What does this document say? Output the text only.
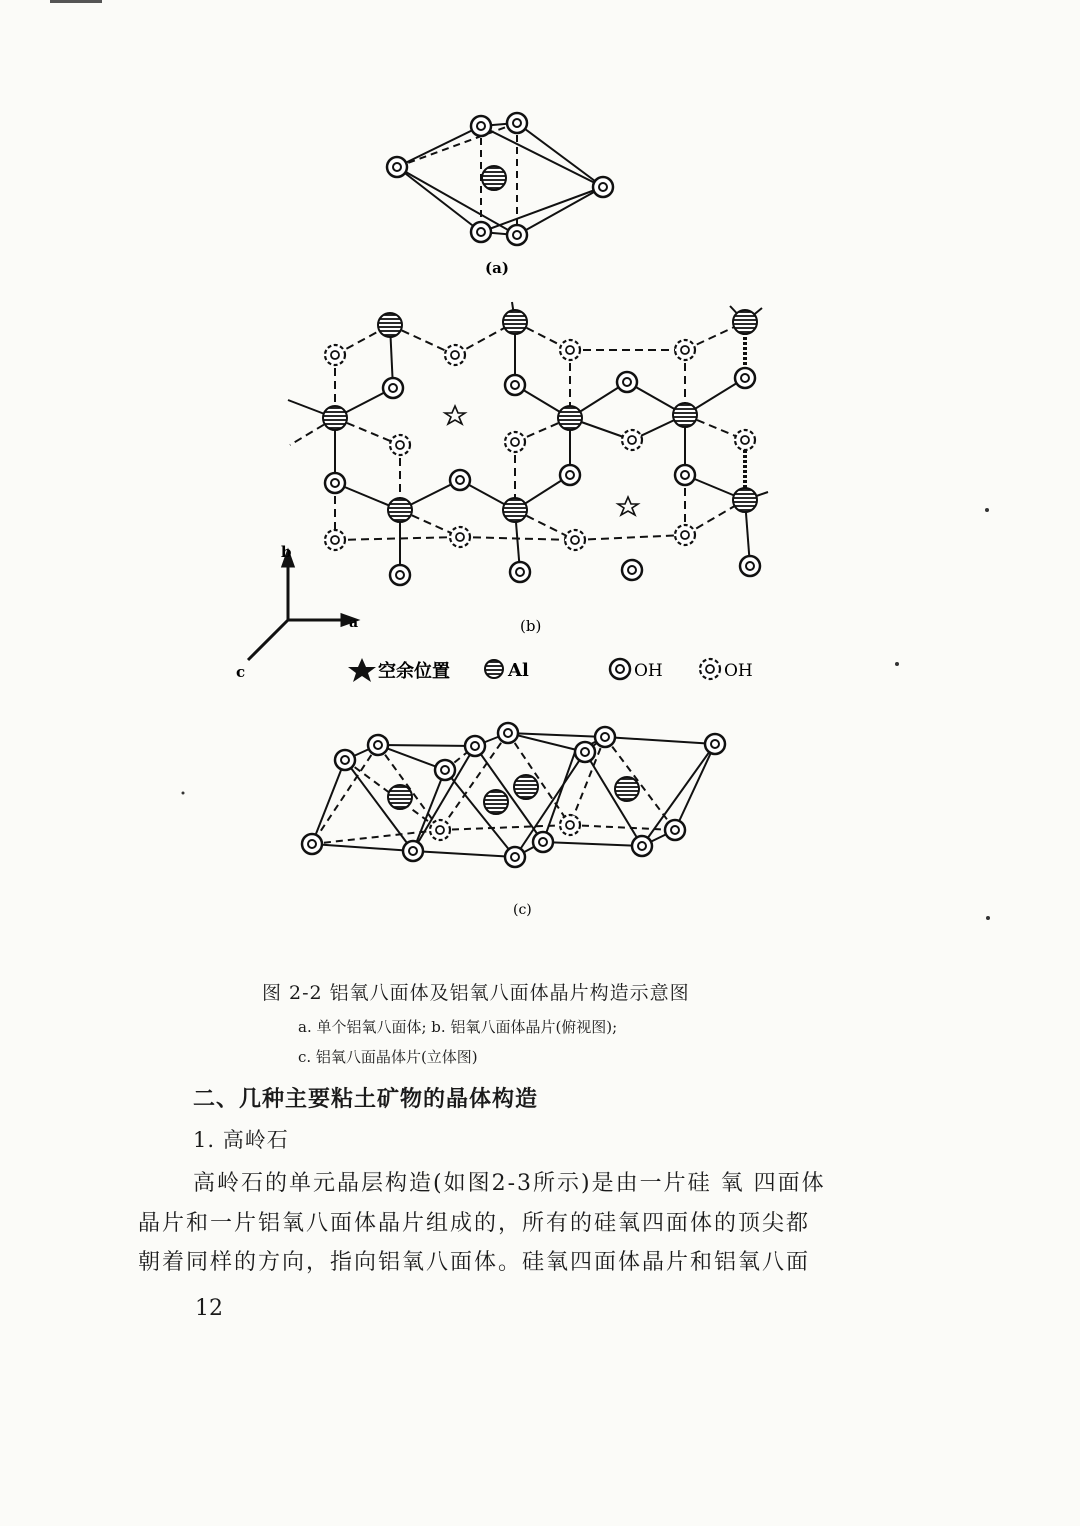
(a)
b
a
c
(b)
空余位置	Al	OH	OH
(c)
图 2-2 铝氧八面体及铝氧八面体晶片构造示意图
a. 单个铝氧八面体; b. 铝氧八面体晶片(俯视图);
c. 铝氧八面晶体片(立体图)
二、几种主要粘土矿物的晶体构造
1. 高岭石
高岭石的单元晶层构造(如图2-3所示)是由一片硅 氧 四面体
晶片和一片铝氧八面体晶片组成的，所有的硅氧四面体的顶尖都
朝着同样的方向，指向铝氧八面体。硅氧四面体晶片和铝氧八面
12
